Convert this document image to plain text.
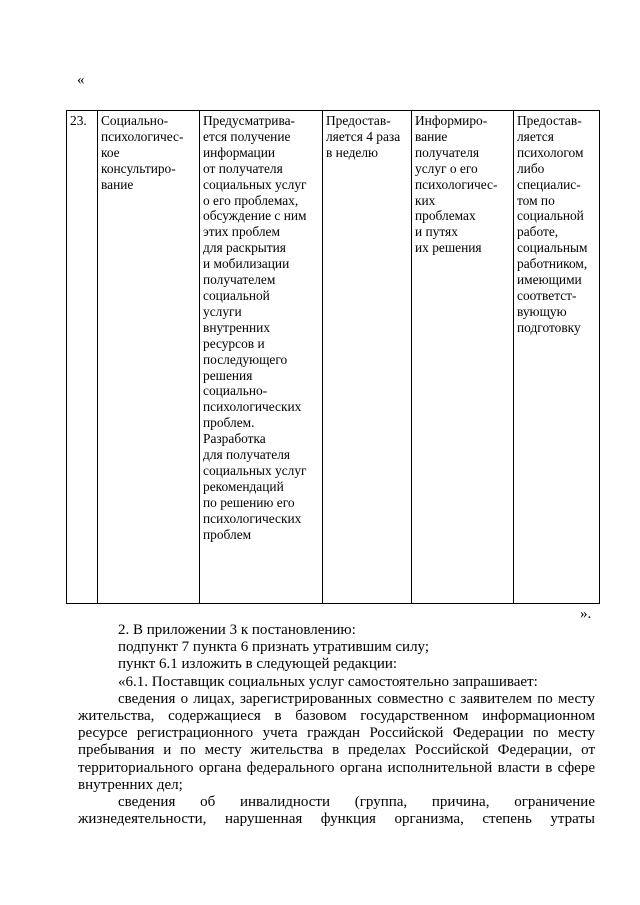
«
23.	Социально-
психологичес-
кое
консультиро-
вание	Предусматрива-
ется получение
информации
от получателя
социальных услуг
о его проблемах,
обсуждение с ним
этих проблем
для раскрытия
и мобилизации
получателем
социальной
услуги
внутренних
ресурсов и
последующего
решения
социально-
психологических
проблем.
Разработка
для получателя
социальных услуг
рекомендаций
по решению его
психологических
проблем	Предостав-
ляется 4 раза
в неделю	Информиро-
вание
получателя
услуг о его
психологичес-
ких
проблемах
и путях
их решения	Предостав-
ляется
психологом
либо
специалис-
том по
социальной
работе,
социальным
работником,
имеющими
соответст-
вующую
подготовку
».

2. В приложении 3 к постановлению:

подпункт 7 пункта 6 признать утратившим силу;

пункт 6.1 изложить в следующей редакции:

«6.1. Поставщик социальных услуг самостоятельно запрашивает:

сведения о лицах, зарегистрированных совместно с заявителем по месту жительства, содержащиеся в базовом государственном информационном ресурсе регистрационного учета граждан Российской Федерации по месту пребывания и по месту жительства в пределах Российской Федерации, от территориального органа федерального органа исполнительной власти в сфере внутренних дел;

сведения об инвалидности (группа, причина, ограничение жизнедеятельности, нарушенная функция организма, степень утраты
